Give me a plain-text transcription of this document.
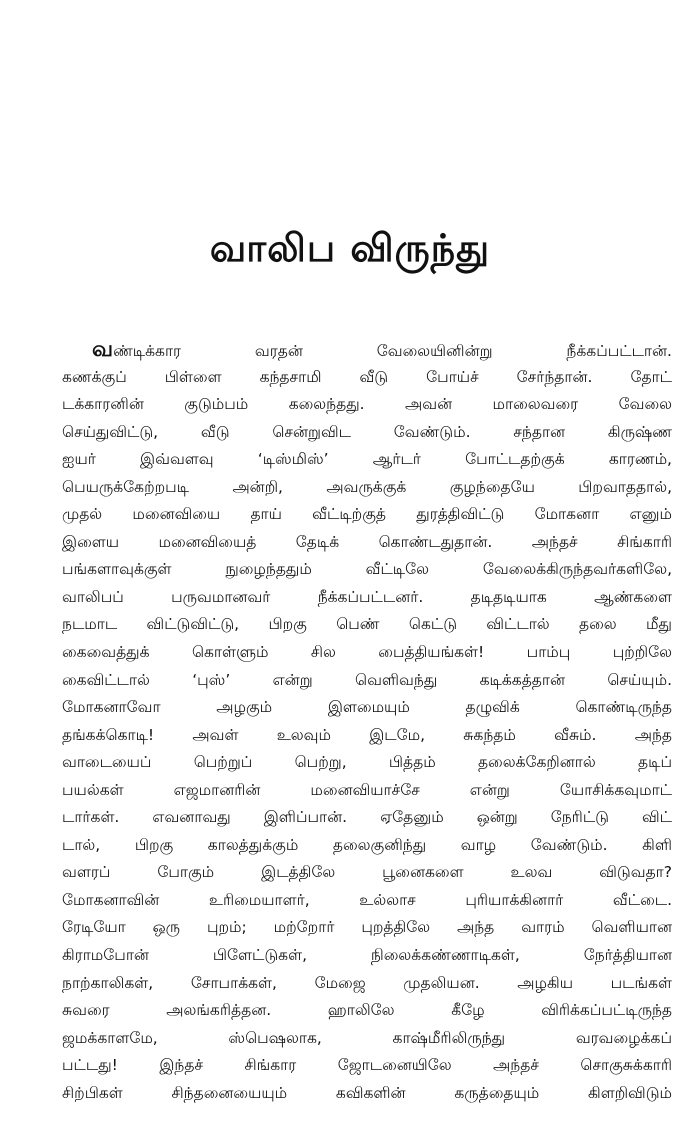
வாலிப விருந்து
வண்டிக்கார வரதன் வேலையினின்று நீக்கப்பட்டான்.
கணக்குப் பிள்ளை கந்தசாமி வீடு போய்ச் சேர்ந்தான். தோட்
டக்காரனின் குடும்பம் கலைந்தது. அவன் மாலைவரை வேலை
செய்துவிட்டு, வீடு சென்றுவிட வேண்டும். சந்தான கிருஷ்ண
ஐயர் இவ்வளவு ‘டிஸ்மிஸ்’ ஆர்டர் போட்டதற்குக் காரணம்,
பெயருக்கேற்றபடி அன்றி, அவருக்குக் குழந்தையே பிறவாததால்,
முதல் மனைவியை தாய் வீட்டிற்குத் துரத்திவிட்டு மோகனா எனும்
இளைய மனைவியைத் தேடிக் கொண்டதுதான். அந்தச் சிங்காரி
பங்களாவுக்குள் நுழைந்ததும் வீட்டிலே வேலைக்கிருந்தவர்களிலே,
வாலிபப் பருவமானவர் நீக்கப்பட்டனர். தடிதடியாக ஆண்களை
நடமாட விட்டுவிட்டு, பிறகு பெண் கெட்டு விட்டால் தலை மீது
கைவைத்துக் கொள்ளும் சில பைத்தியங்கள்! பாம்பு புற்றிலே
கைவிட்டால் ‘புஸ்’ என்று வெளிவந்து கடிக்கத்தான் செய்யும்.
மோகனாவோ அழகும் இளமையும் தழுவிக் கொண்டிருந்த
தங்கக்கொடி! அவள் உலவும் இடமே, சுகந்தம் வீசும். அந்த
வாடையைப் பெற்றுப் பெற்று, பித்தம் தலைக்கேறினால் தடிப்
பயல்கள் எஜமானரின் மனைவியாச்சே என்று யோசிக்கவுமாட்
டார்கள். எவனாவது இளிப்பான். ஏதேனும் ஒன்று நேரிட்டு விட்
டால், பிறகு காலத்துக்கும் தலைகுனிந்து வாழ வேண்டும். கிளி
வளரப் போகும் இடத்திலே பூனைகளை உலவ விடுவதா?
மோகனாவின் உரிமையாளர், உல்லாச புரியாக்கினார் வீட்டை.
ரேடியோ ஒரு புறம்; மற்றோர் புறத்திலே அந்த வாரம் வெளியான
கிராமபோன் பிளேட்டுகள், நிலைக்கண்ணாடிகள், நேர்த்தியான
நாற்காலிகள், சோபாக்கள், மேஜை முதலியன. அழகிய படங்கள்
சுவரை அலங்கரித்தன. ஹாலிலே கீழே விரிக்கப்பட்டிருந்த
ஜமக்காளமே, ஸ்பெஷலாக, காஷ்மீரிலிருந்து வரவழைக்கப்
பட்டது! இந்தச் சிங்கார ஜோடனையிலே அந்தச் சொகுசுக்காரி
சிற்பிகள் சிந்தனையையும் கவிகளின் கருத்தையும் கிளறிவிடும்
